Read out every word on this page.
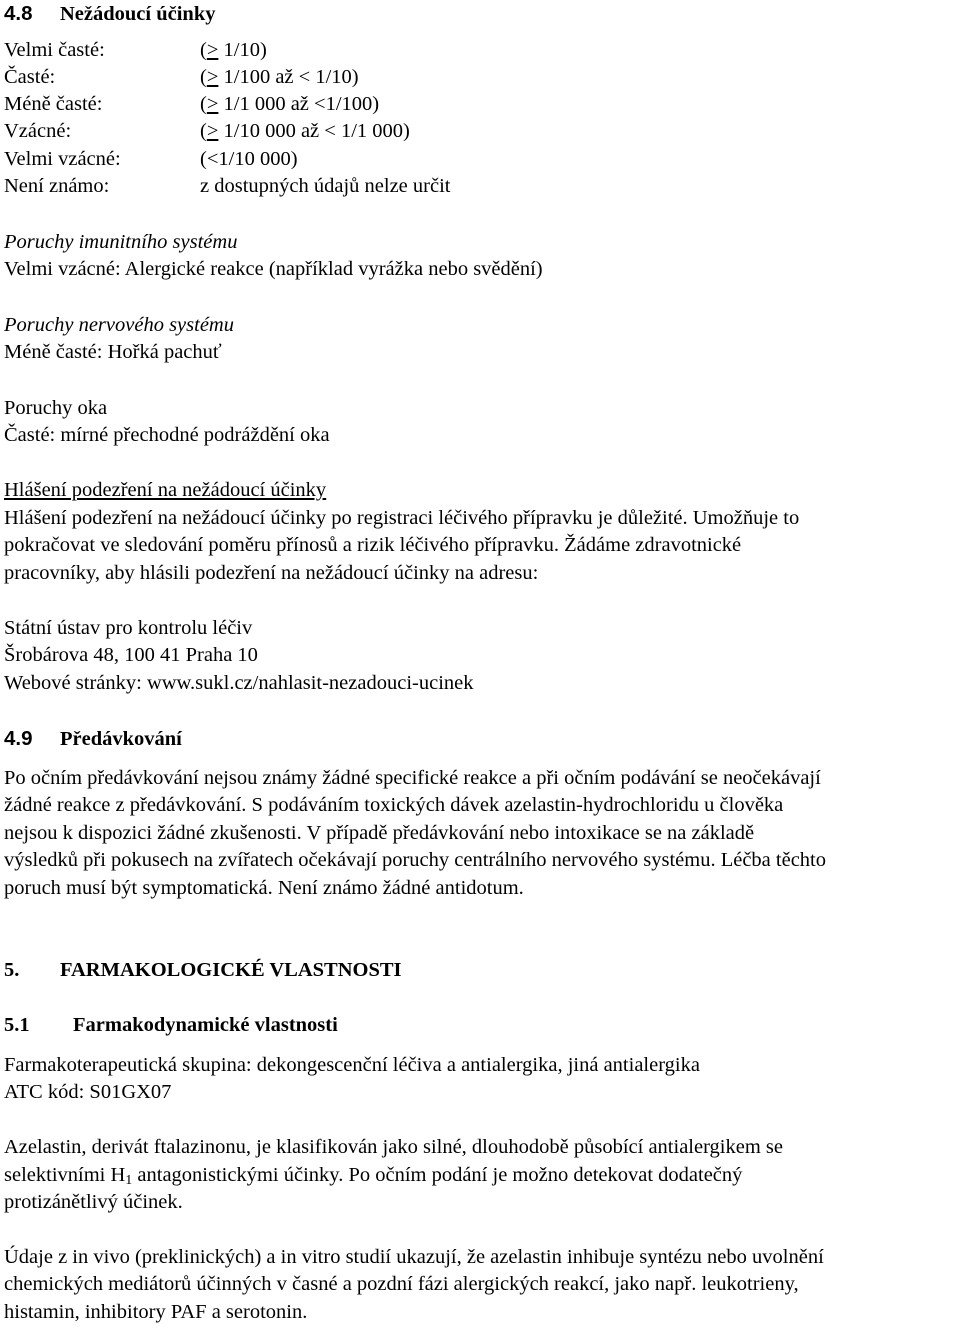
4.8 Nežádoucí účinky
Velmi časté:	(≥ 1/10)
Časté:	(≥ 1/100 až < 1/10)
Méně časté:	(≥ 1/1 000 až <1/100)
Vzácné:	(≥ 1/10 000 až < 1/1 000)
Velmi vzácné:	(<1/10 000)
Není známo:	z dostupných údajů nelze určit
Poruchy imunitního systému
Velmi vzácné: Alergické reakce (například vyrážka nebo svědění)
Poruchy nervového systému
Méně časté: Hořká pachuť
Poruchy oka
Časté: mírné přechodné podráždění oka
Hlášení podezření na nežádoucí účinky
Hlášení podezření na nežádoucí účinky po registraci léčivého přípravku je důležité. Umožňuje to
pokračovat ve sledování poměru přínosů a rizik léčivého přípravku. Žádáme zdravotnické
pracovníky, aby hlásili podezření na nežádoucí účinky na adresu:
Státní ústav pro kontrolu léčiv
Šrobárova 48, 100 41 Praha 10
Webové stránky: www.sukl.cz/nahlasit-nezadouci-ucinek
4.9 Předávkování
Po očním předávkování nejsou známy žádné specifické reakce a při očním podávání se neočekávají
žádné reakce z předávkování. S podáváním toxických dávek azelastin-hydrochloridu u člověka
nejsou k dispozici žádné zkušenosti. V případě předávkování nebo intoxikace se na základě
výsledků při pokusech na zvířatech očekávají poruchy centrálního nervového systému. Léčba těchto
poruch musí být symptomatická. Není známo žádné antidotum.
5. FARMAKOLOGICKÉ VLASTNOSTI
5.1 Farmakodynamické vlastnosti
Farmakoterapeutická skupina: dekongescenční léčiva a antialergika, jiná antialergika
ATC kód: S01GX07
Azelastin, derivát ftalazinonu, je klasifikován jako silné, dlouhodobě působící antialergikem se
selektivními $H_1$ antagonistickými účinky. Po očním podání je možno detekovat dodatečný
protizánětlivý účinek.
Údaje z in vivo (preklinických) a in vitro studií ukazují, že azelastin inhibuje syntézu nebo uvolnění
chemických mediátorů účinných v časné a pozdní fázi alergických reakcí, jako např. leukotrieny,
histamin, inhibitory PAF a serotonin.
